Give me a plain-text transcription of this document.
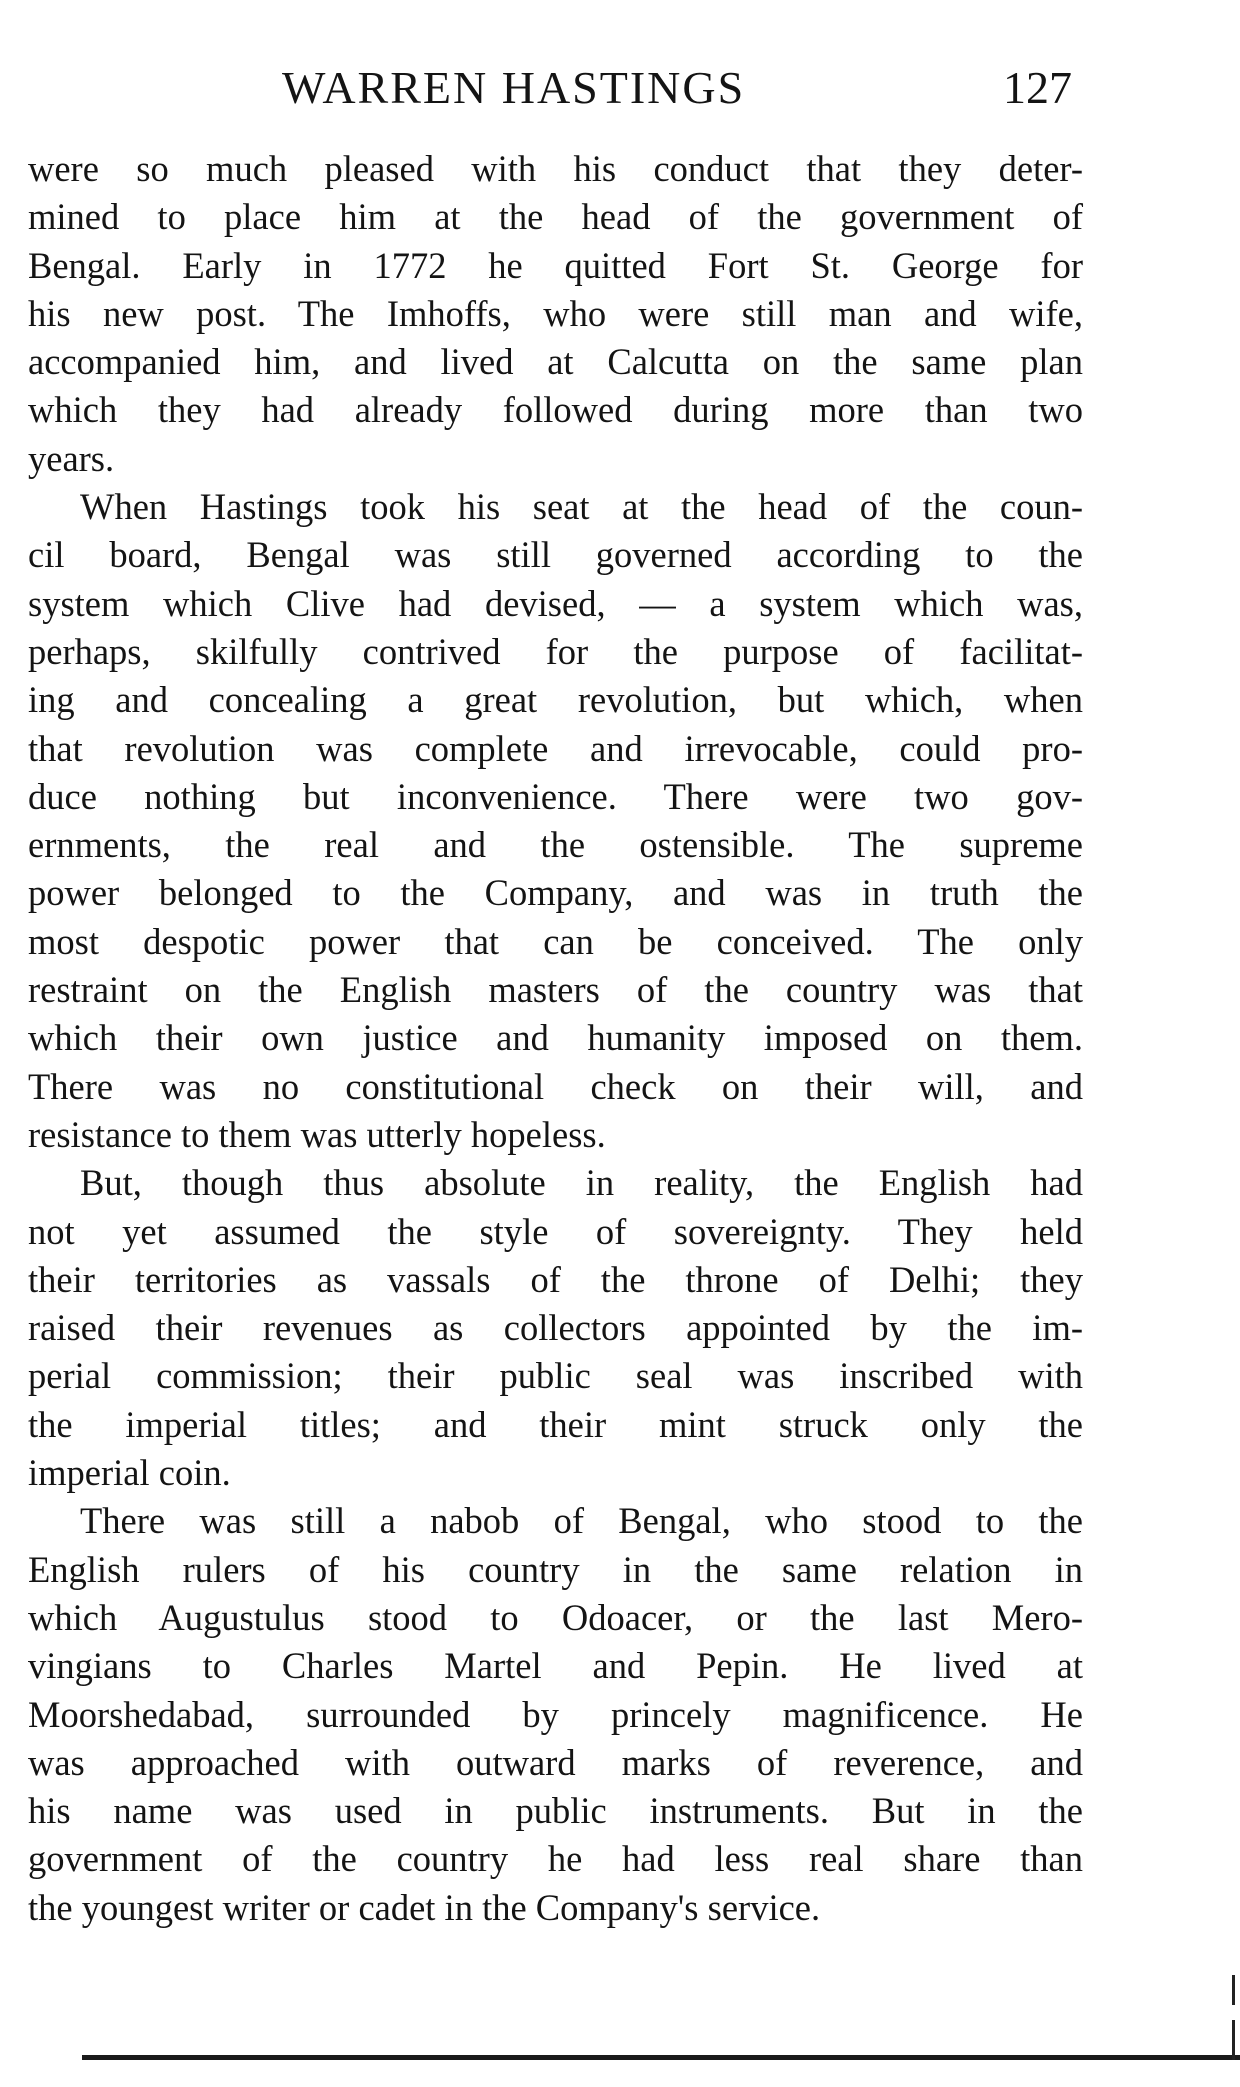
WARREN HASTINGS	127
were so much pleased with his conduct that they deter-
mined to place him at the head of the government of
Bengal. Early in 1772 he quitted Fort St. George for
his new post. The Imhoffs, who were still man and wife,
accompanied him, and lived at Calcutta on the same plan
which they had already followed during more than two
years.
When Hastings took his seat at the head of the coun-
cil board, Bengal was still governed according to the
system which Clive had devised, — a system which was,
perhaps, skilfully contrived for the purpose of facilitat-
ing and concealing a great revolution, but which, when
that revolution was complete and irrevocable, could pro-
duce nothing but inconvenience. There were two gov-
ernments, the real and the ostensible. The supreme
power belonged to the Company, and was in truth the
most despotic power that can be conceived. The only
restraint on the English masters of the country was that
which their own justice and humanity imposed on them.
There was no constitutional check on their will, and
resistance to them was utterly hopeless.
But, though thus absolute in reality, the English had
not yet assumed the style of sovereignty. They held
their territories as vassals of the throne of Delhi; they
raised their revenues as collectors appointed by the im-
perial commission; their public seal was inscribed with
the imperial titles; and their mint struck only the
imperial coin.
There was still a nabob of Bengal, who stood to the
English rulers of his country in the same relation in
which Augustulus stood to Odoacer, or the last Mero-
vingians to Charles Martel and Pepin. He lived at
Moorshedabad, surrounded by princely magnificence. He
was approached with outward marks of reverence, and
his name was used in public instruments. But in the
government of the country he had less real share than
the youngest writer or cadet in the Company's service.
